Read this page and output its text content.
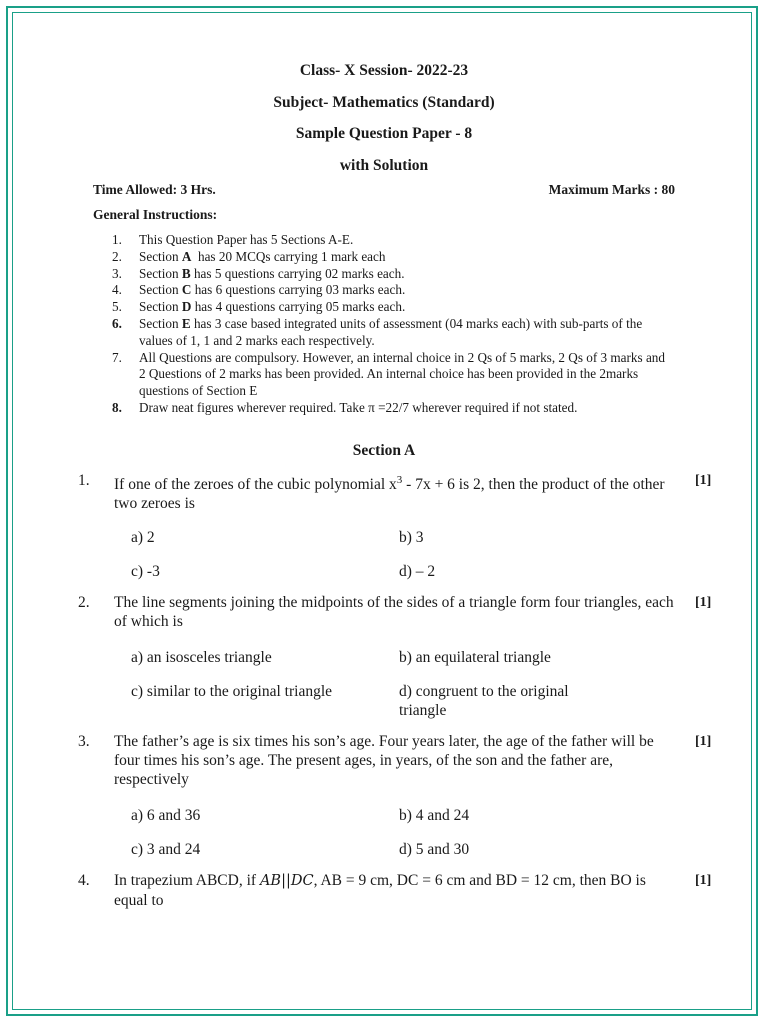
Class- X Session- 2022-23
Subject- Mathematics (Standard)
Sample Question Paper - 8
with Solution
Time Allowed: 3 Hrs.	Maximum Marks : 80
General Instructions:
1.	This Question Paper has 5 Sections A-E.
2.	Section A  has 20 MCQs carrying 1 mark each
3.	Section B has 5 questions carrying 02 marks each.
4.	Section C has 6 questions carrying 03 marks each.
5.	Section D has 4 questions carrying 05 marks each.
6.	Section E has 3 case based integrated units of assessment (04 marks each) with sub-parts of the values of 1, 1 and 2 marks each respectively.
7.	All Questions are compulsory. However, an internal choice in 2 Qs of 5 marks, 2 Qs of 3 marks and 2 Questions of 2 marks has been provided. An internal choice has been provided in the 2marks questions of Section E
8.	Draw neat figures wherever required. Take π =22/7 wherever required if not stated.
Section A
1. If one of the zeroes of the cubic polynomial $x^3 - 7x + 6$ is 2, then the product of the other two zeroes is
[1]
a) 2	b) 3
c) -3	d) – 2
2. The line segments joining the midpoints of the sides of a triangle form four triangles, each of which is
[1]
a) an isosceles triangle	b) an equilateral triangle
c) similar to the original triangle	d) congruent to the original triangle
3. The father’s age is six times his son’s age. Four years later, the age of the father will be four times his son’s age. The present ages, in years, of the son and the father are, respectively
[1]
a) 6 and 36	b) 4 and 24
c) 3 and 24	d) 5 and 30
4. In trapezium ABCD, if AB||DC, AB = 9 cm, DC = 6 cm and BD = 12 cm, then BO is equal to
[1]
